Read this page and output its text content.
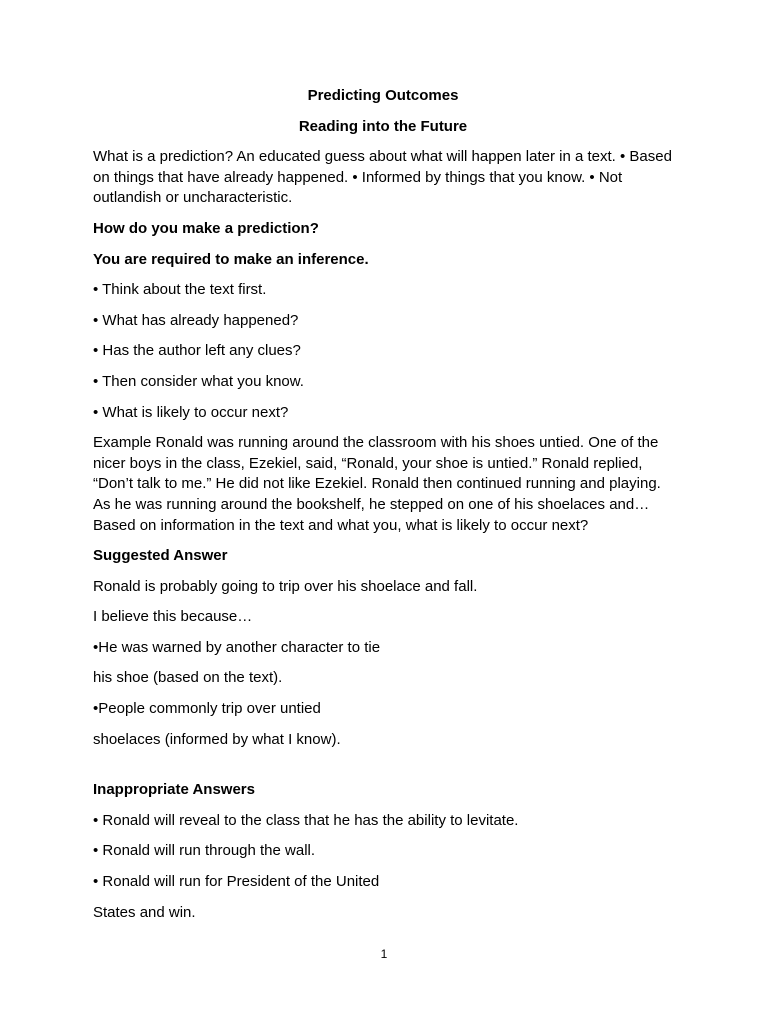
Predicting Outcomes

Reading into the Future

What is a prediction? An educated guess about what will happen later in a text. • Based on things that have already happened. • Informed by things that you know. • Not outlandish or uncharacteristic.

How do you make a prediction?

You are required to make an inference.

• Think about the text first.

• What has already happened?

• Has the author left any clues?

• Then consider what you know.

• What is likely to occur next?

Example Ronald was running around the classroom with his shoes untied. One of the nicer boys in the class, Ezekiel, said, “Ronald, your shoe is untied.” Ronald replied, “Don’t talk to me.” He did not like Ezekiel. Ronald then continued running and playing. As he was running around the bookshelf, he stepped on one of his shoelaces and… Based on information in the text and what you, what is likely to occur next?

Suggested Answer

Ronald is probably going to trip over his shoelace and fall.

I believe this because…

•He was warned by another character to tie

his shoe (based on the text).

•People commonly trip over untied

shoelaces (informed by what I know).

Inappropriate Answers

• Ronald will reveal to the class that he has the ability to levitate.

• Ronald will run through the wall.

• Ronald will run for President of the United

States and win.

1
